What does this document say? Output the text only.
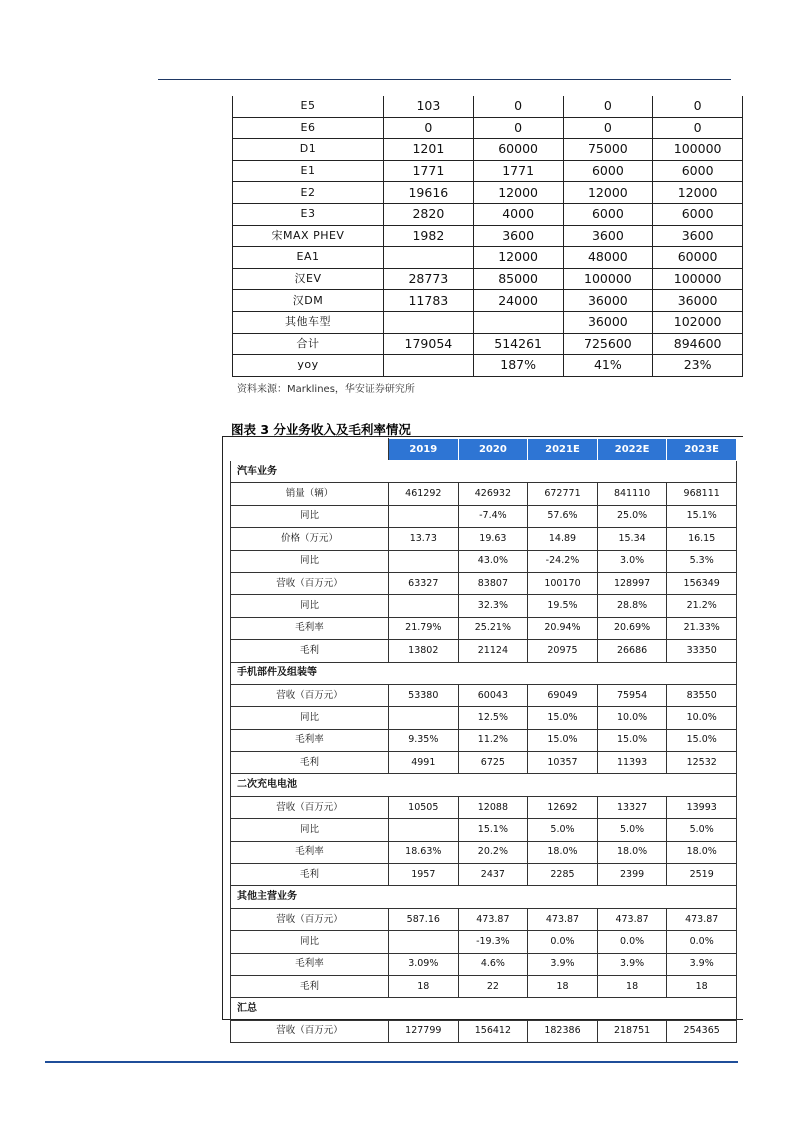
E5	103	0	0	0
E6	0	0	0	0
D1	1201	60000	75000	100000
E1	1771	1771	6000	6000
E2	19616	12000	12000	12000
E3	2820	4000	6000	6000
宋MAX PHEV	1982	3600	3600	3600
EA1		12000	48000	60000
汉EV	28773	85000	100000	100000
汉DM	11783	24000	36000	36000
其他车型			36000	102000
合计	179054	514261	725600	894600
yoy		187%	41%	23%
资料来源：Marklines，华安证券研究所
图表 3 分业务收入及毛利率情况
	2019	2020	2021E	2022E	2023E
汽车业务					
销量（辆）	461292	426932	672771	841110	968111
同比		-7.4%	57.6%	25.0%	15.1%
价格（万元）	13.73	19.63	14.89	15.34	16.15
同比		43.0%	-24.2%	3.0%	5.3%
营收（百万元）	63327	83807	100170	128997	156349
同比		32.3%	19.5%	28.8%	21.2%
毛利率	21.79%	25.21%	20.94%	20.69%	21.33%
毛利	13802	21124	20975	26686	33350
手机部件及组装等					
营收（百万元）	53380	60043	69049	75954	83550
同比		12.5%	15.0%	10.0%	10.0%
毛利率	9.35%	11.2%	15.0%	15.0%	15.0%
毛利	4991	6725	10357	11393	12532
二次充电电池					
营收（百万元）	10505	12088	12692	13327	13993
同比		15.1%	5.0%	5.0%	5.0%
毛利率	18.63%	20.2%	18.0%	18.0%	18.0%
毛利	1957	2437	2285	2399	2519
其他主营业务					
营收（百万元）	587.16	473.87	473.87	473.87	473.87
同比		-19.3%	0.0%	0.0%	0.0%
毛利率	3.09%	4.6%	3.9%	3.9%	3.9%
毛利	18	22	18	18	18
汇总					
营收（百万元）	127799	156412	182386	218751	254365
